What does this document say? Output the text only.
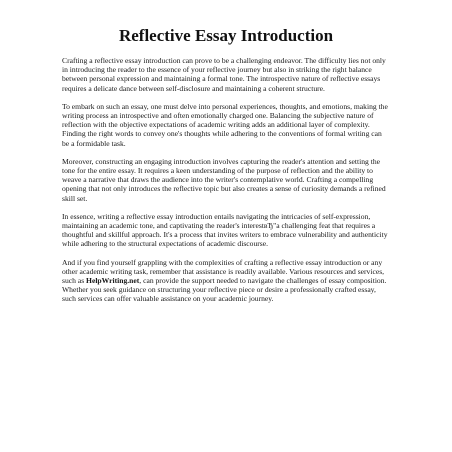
Reflective Essay Introduction

Crafting a reflective essay introduction can prove to be a challenging endeavor. The difficulty lies not only in introducing the reader to the essence of your reflective journey but also in striking the right balance between personal expression and maintaining a formal tone. The introspective nature of reflective essays requires a delicate dance between self-disclosure and maintaining a coherent structure.

To embark on such an essay, one must delve into personal experiences, thoughts, and emotions, making the writing process an introspective and often emotionally charged one. Balancing the subjective nature of reflection with the objective expectations of academic writing adds an additional layer of complexity. Finding the right words to convey one's thoughts while adhering to the conventions of formal writing can be a formidable task.

Moreover, constructing an engaging introduction involves capturing the reader's attention and setting the tone for the entire essay. It requires a keen understanding of the purpose of reflection and the ability to weave a narrative that draws the audience into the writer's contemplative world. Crafting a compelling opening that not only introduces the reflective topic but also creates a sense of curiosity demands a refined skill set.

In essence, writing a reflective essay introduction entails navigating the intricacies of self-expression, maintaining an academic tone, and captivating the reader's interestвЂ"a challenging feat that requires a thoughtful and skillful approach. It's a process that invites writers to embrace vulnerability and authenticity while adhering to the structural expectations of academic discourse.

And if you find yourself grappling with the complexities of crafting a reflective essay introduction or any other academic writing task, remember that assistance is readily available. Various resources and services, such as HelpWriting.net, can provide the support needed to navigate the challenges of essay composition. Whether you seek guidance on structuring your reflective piece or desire a professionally crafted essay, such services can offer valuable assistance on your academic journey.
